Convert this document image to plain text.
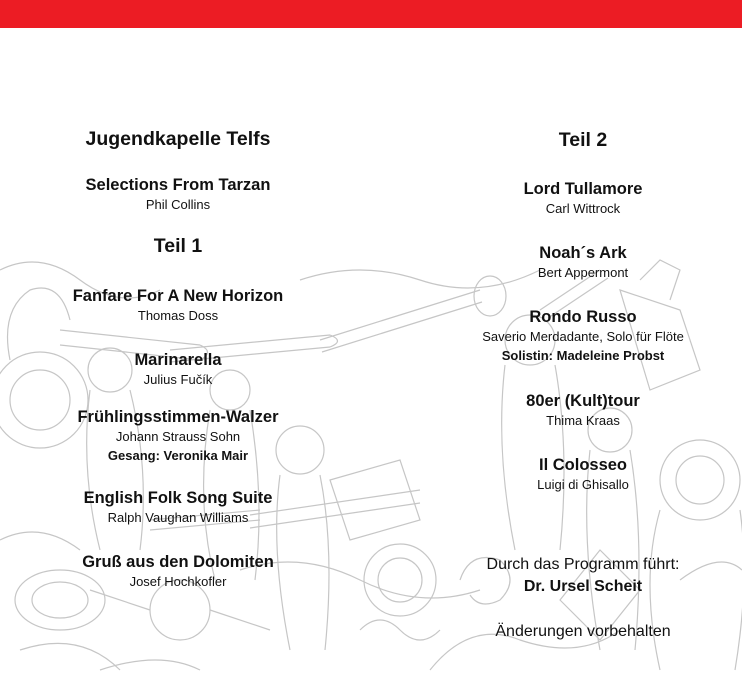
Jugendkapelle Telfs
Selections From Tarzan
Phil Collins
Teil 1
Fanfare For A New Horizon
Thomas Doss
Marinarella
Julius Fučík
Frühlingsstimmen-Walzer
Johann Strauss Sohn
Gesang: Veronika Mair
English Folk Song Suite
Ralph Vaughan Williams
Gruß aus den Dolomiten
Josef Hochkofler
Teil 2
Lord Tullamore
Carl Wittrock
Noah´s Ark
Bert Appermont
Rondo Russo
Saverio Merdadante, Solo für Flöte
Solistin: Madeleine Probst
80er (Kult)tour
Thima Kraas
Il Colosseo
Luigi di Ghisallo
Durch das Programm führt:
Dr. Ursel Scheit
Änderungen vorbehalten
